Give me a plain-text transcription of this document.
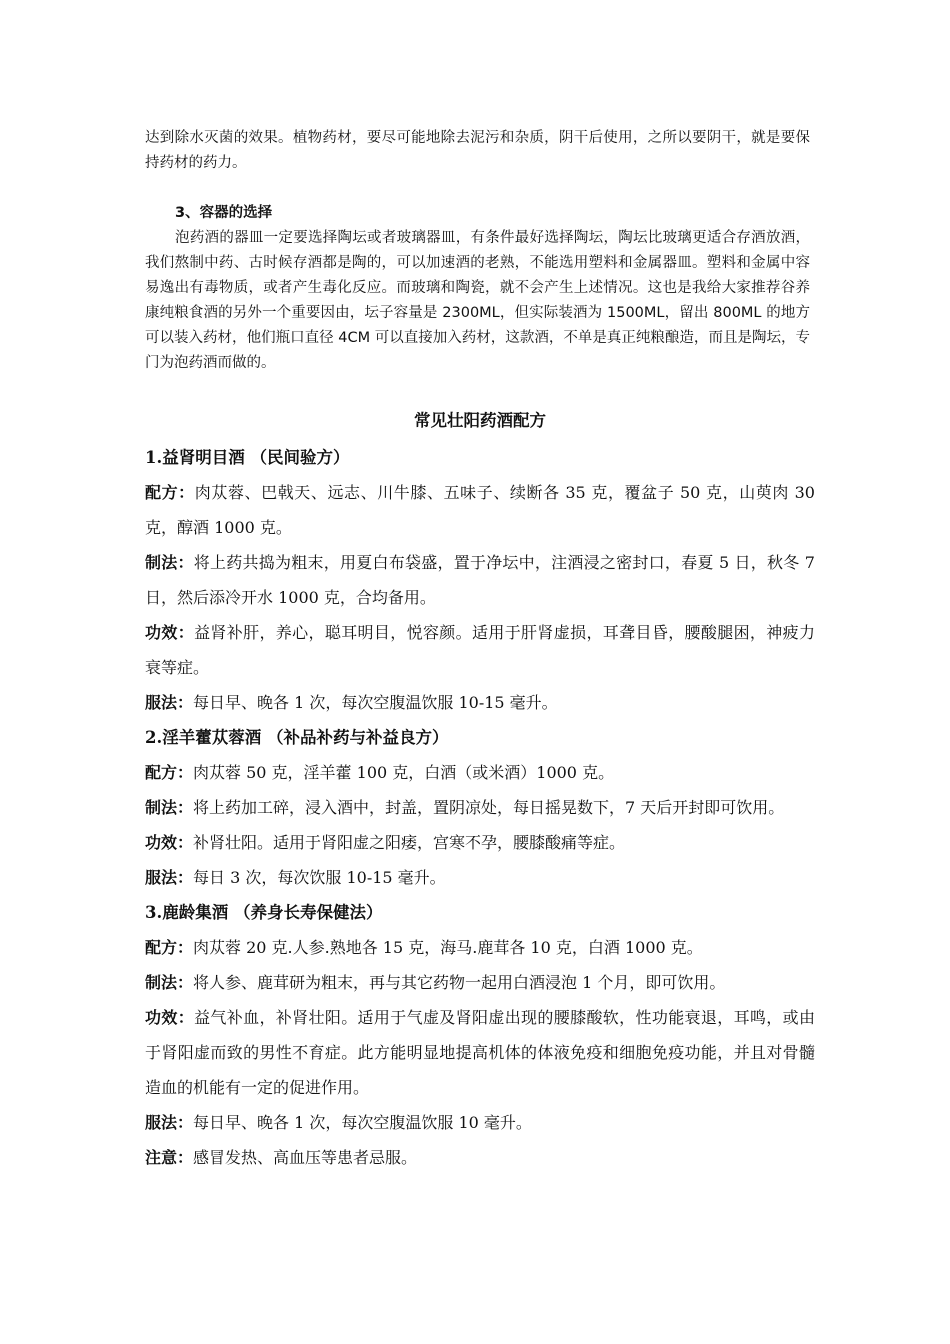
达到除水灭菌的效果。植物药材，要尽可能地除去泥污和杂质，阴干后使用，之所以要阴干，就是要保持药材的药力。

3、容器的选择

泡药酒的器皿一定要选择陶坛或者玻璃器皿，有条件最好选择陶坛，陶坛比玻璃更适合存酒放酒，我们熬制中药、古时候存酒都是陶的，可以加速酒的老熟，不能选用塑料和金属器皿。塑料和金属中容易逸出有毒物质，或者产生毒化反应。而玻璃和陶瓷，就不会产生上述情况。这也是我给大家推荐谷养康纯粮食酒的另外一个重要因由，坛子容量是 2300ML，但实际装酒为 1500ML，留出 800ML 的地方可以装入药材，他们瓶口直径 4CM 可以直接加入药材，这款酒，不单是真正纯粮酿造，而且是陶坛，专门为泡药酒而做的。

常见壮阳药酒配方

1.益肾明目酒 （民间验方）

配方：肉苁蓉、巴戟天、远志、川牛膝、五味子、续断各 35 克，覆盆子 50 克，山萸肉 30 克，醇酒 1000 克。

制法：将上药共捣为粗末，用夏白布袋盛，置于净坛中，注酒浸之密封口，春夏 5 日，秋冬 7 日，然后添冷开水 1000 克，合均备用。

功效：益肾补肝，养心，聪耳明目，悦容颜。适用于肝肾虚损，耳聋目昏，腰酸腿困，神疲力衰等症。

服法：每日早、晚各 1 次，每次空腹温饮服 10-15 毫升。

2.淫羊藿苁蓉酒 （补品补药与补益良方）

配方：肉苁蓉 50 克，淫羊藿 100 克，白酒（或米酒）1000 克。

制法：将上药加工碎，浸入酒中，封盖，置阴凉处，每日摇晃数下，7 天后开封即可饮用。

功效：补肾壮阳。适用于肾阳虚之阳痿，宫寒不孕，腰膝酸痛等症。

服法：每日 3 次，每次饮服 10-15 毫升。

3.鹿龄集酒 （养身长寿保健法）

配方：肉苁蓉 20 克.人参.熟地各 15 克，海马.鹿茸各 10 克，白酒 1000 克。

制法：将人参、鹿茸研为粗末，再与其它药物一起用白酒浸泡 1 个月，即可饮用。

功效：益气补血，补肾壮阳。适用于气虚及肾阳虚出现的腰膝酸软，性功能衰退，耳鸣，或由于肾阳虚而致的男性不育症。此方能明显地提高机体的体液免疫和细胞免疫功能，并且对骨髓造血的机能有一定的促进作用。

服法：每日早、晚各 1 次，每次空腹温饮服 10 毫升。

注意：感冒发热、高血压等患者忌服。
